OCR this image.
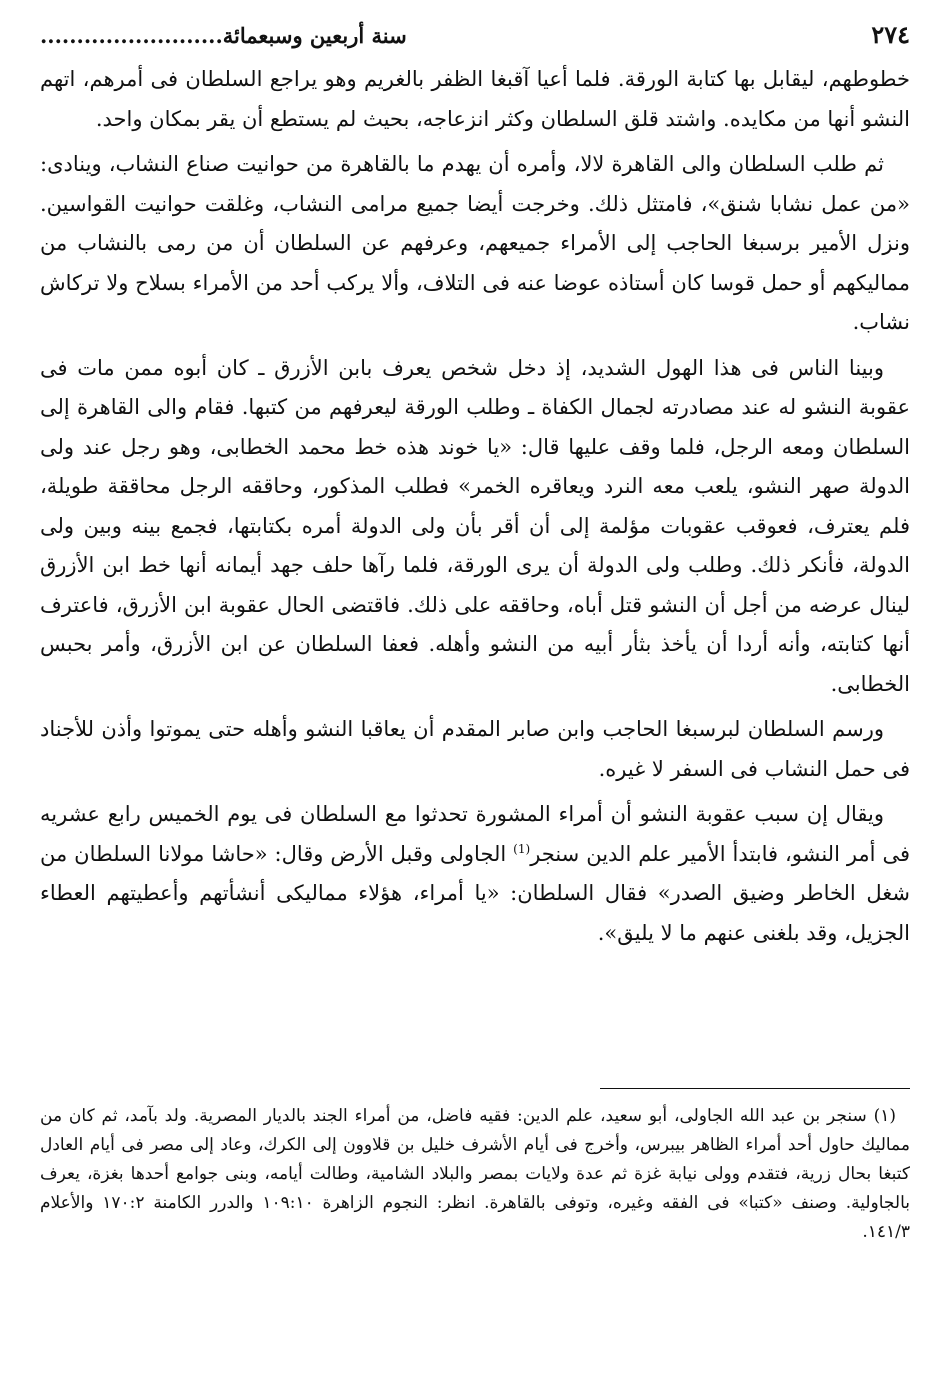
٢٧٤
سنة أربعين وسبعمائة.........................

خطوطهم، ليقابل بها كتابة الورقة. فلما أعيا آقبغا الظفر بالغريم وهو يراجع السلطان فى أمرهم، اتهم النشو أنها من مكايده. واشتد قلق السلطان وكثر انزعاجه، بحيث لم يستطع أن يقر بمكان واحد.

ثم طلب السلطان والى القاهرة لالا، وأمره أن يهدم ما بالقاهرة من حوانيت صناع النشاب، وينادى: «من عمل نشابا شنق»، فامتثل ذلك. وخرجت أيضا جميع مرامى النشاب، وغلقت حوانيت القواسين. ونزل الأمير برسبغا الحاجب إلى الأمراء جميعهم، وعرفهم عن السلطان أن من رمى بالنشاب من مماليكهم أو حمل قوسا كان أستاذه عوضا عنه فى التلاف، وألا يركب أحد من الأمراء بسلاح ولا تركاش نشاب.

وبينا الناس فى هذا الهول الشديد، إذ دخل شخص يعرف بابن الأزرق ـ كان أبوه ممن مات فى عقوبة النشو له عند مصادرته لجمال الكفاة ـ وطلب الورقة ليعرفهم من كتبها. فقام والى القاهرة إلى السلطان ومعه الرجل، فلما وقف عليها قال: «يا خوند هذه خط محمد الخطابى، وهو رجل عند ولى الدولة صهر النشو، يلعب معه النرد ويعاقره الخمر» فطلب المذكور، وحاققه الرجل محاققة طويلة، فلم يعترف، فعوقب عقوبات مؤلمة إلى أن أقر بأن ولى الدولة أمره بكتابتها، فجمع بينه وبين ولى الدولة، فأنكر ذلك. وطلب ولى الدولة أن يرى الورقة، فلما رآها حلف جهد أيمانه أنها خط ابن الأزرق لينال عرضه من أجل أن النشو قتل أباه، وحاققه على ذلك. فاقتضى الحال عقوبة ابن الأزرق، فاعترف أنها كتابته، وأنه أردا أن يأخذ بثأر أبيه من النشو وأهله. فعفا السلطان عن ابن الأزرق، وأمر بحبس الخطابى.

ورسم السلطان لبرسبغا الحاجب وابن صابر المقدم أن يعاقبا النشو وأهله حتى يموتوا وأذن للأجناد فى حمل النشاب فى السفر لا غيره.

ويقال إن سبب عقوبة النشو أن أمراء المشورة تحدثوا مع السلطان فى يوم الخميس رابع عشريه فى أمر النشو، فابتدأ الأمير علم الدين سنجر$^{(1)}$ الجاولى وقبل الأرض وقال: «حاشا مولانا السلطان من شغل الخاطر وضيق الصدر» فقال السلطان: «يا أمراء، هؤلاء مماليكى أنشأتهم وأعطيتهم العطاء الجزيل، وقد بلغنى عنهم ما لا يليق».

(١) سنجر بن عبد الله الجاولى، أبو سعيد، علم الدين: فقيه فاضل، من أمراء الجند بالديار المصرية. ولد بآمد، ثم كان من مماليك حاول أحد أمراء الظاهر بيبرس، وأخرج فى أيام الأشرف خليل بن قلاوون إلى الكرك، وعاد إلى مصر فى أيام العادل كتبغا بحال زرية، فتقدم وولى نيابة غزة ثم عدة ولايات بمصر والبلاد الشامية، وطالت أيامه، وبنى جوامع أحدها بغزة، يعرف بالجاولية. وصنف «كتبا» فى الفقه وغيره، وتوفى بالقاهرة. انظر: النجوم الزاهرة ١٠٩:١٠ والدرر الكامنة ١٧٠:٢ والأعلام ١٤١/٣.
